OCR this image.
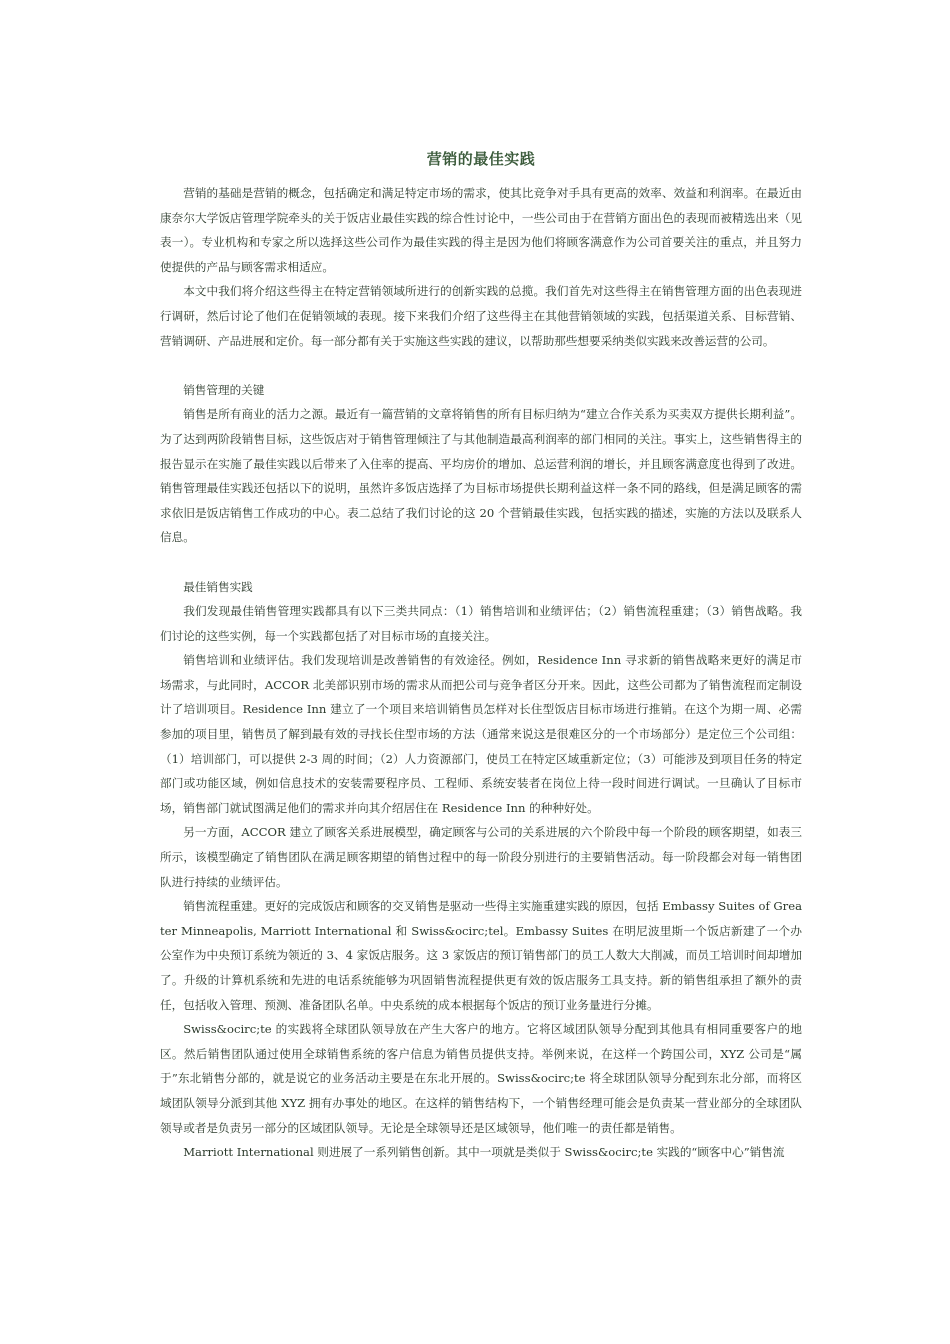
营销的最佳实践

营销的基础是营销的概念，包括确定和满足特定市场的需求，使其比竞争对手具有更高的效率、效益和利润率。在最近由康奈尔大学饭店管理学院牵头的关于饭店业最佳实践的综合性讨论中，一些公司由于在营销方面出色的表现而被精选出来（见表一）。专业机构和专家之所以选择这些公司作为最佳实践的得主是因为他们将顾客满意作为公司首要关注的重点，并且努力使提供的产品与顾客需求相适应。

本文中我们将介绍这些得主在特定营销领域所进行的创新实践的总揽。我们首先对这些得主在销售管理方面的出色表现进行调研，然后讨论了他们在促销领域的表现。接下来我们介绍了这些得主在其他营销领域的实践，包括渠道关系、目标营销、营销调研、产品进展和定价。每一部分都有关于实施这些实践的建议，以帮助那些想要采纳类似实践来改善运营的公司。

销售管理的关键

销售是所有商业的活力之源。最近有一篇营销的文章将销售的所有目标归纳为“建立合作关系为买卖双方提供长期利益”。为了达到两阶段销售目标，这些饭店对于销售管理倾注了与其他制造最高利润率的部门相同的关注。事实上，这些销售得主的报告显示在实施了最佳实践以后带来了入住率的提高、平均房价的增加、总运营利润的增长，并且顾客满意度也得到了改进。销售管理最佳实践还包括以下的说明，虽然许多饭店选择了为目标市场提供长期利益这样一条不同的路线，但是满足顾客的需求依旧是饭店销售工作成功的中心。表二总结了我们讨论的这 20 个营销最佳实践，包括实践的描述，实施的方法以及联系人信息。

最佳销售实践

我们发现最佳销售管理实践都具有以下三类共同点：（1）销售培训和业绩评估；（2）销售流程重建；（3）销售战略。我们讨论的这些实例，每一个实践都包括了对目标市场的直接关注。

销售培训和业绩评估。我们发现培训是改善销售的有效途径。例如，Residence Inn 寻求新的销售战略来更好的满足市场需求，与此同时，ACCOR 北美部识别市场的需求从而把公司与竞争者区分开来。因此，这些公司都为了销售流程而定制设计了培训项目。Residence Inn 建立了一个项目来培训销售员怎样对长住型饭店目标市场进行推销。在这个为期一周、必需参加的项目里，销售员了解到最有效的寻找长住型市场的方法（通常来说这是很难区分的一个市场部分）是定位三个公司组：（1）培训部门，可以提供 2-3 周的时间；（2）人力资源部门，使员工在特定区域重新定位；（3）可能涉及到项目任务的特定部门或功能区域，例如信息技术的安装需要程序员、工程师、系统安装者在岗位上待一段时间进行调试。一旦确认了目标市场，销售部门就试图满足他们的需求并向其介绍居住在 Residence Inn 的种种好处。

另一方面，ACCOR 建立了顾客关系进展模型，确定顾客与公司的关系进展的六个阶段中每一个阶段的顾客期望，如表三所示，该模型确定了销售团队在满足顾客期望的销售过程中的每一阶段分别进行的主要销售活动。每一阶段都会对每一销售团队进行持续的业绩评估。

销售流程重建。更好的完成饭店和顾客的交叉销售是驱动一些得主实施重建实践的原因，包括 Embassy Suites of Greater Minneapolis, Marriott International 和 Swiss&ocirc;tel。Embassy Suites 在明尼波里斯一个饭店新建了一个办公室作为中央预订系统为领近的 3、4 家饭店服务。这 3 家饭店的预订销售部门的员工人数大大削减，而员工培训时间却增加了。升级的计算机系统和先进的电话系统能够为巩固销售流程提供更有效的饭店服务工具支持。新的销售组承担了额外的责任，包括收入管理、预测、准备团队名单。中央系统的成本根据每个饭店的预订业务量进行分摊。

Swiss&ocirc;te 的实践将全球团队领导放在产生大客户的地方。它将区域团队领导分配到其他具有相同重要客户的地区。然后销售团队通过使用全球销售系统的客户信息为销售员提供支持。举例来说，在这样一个跨国公司，XYZ 公司是“属于”东北销售分部的，就是说它的业务活动主要是在东北开展的。Swiss&ocirc;te 将全球团队领导分配到东北分部，而将区域团队领导分派到其他 XYZ 拥有办事处的地区。在这样的销售结构下，一个销售经理可能会是负责某一营业部分的全球团队领导或者是负责另一部分的区域团队领导。无论是全球领导还是区域领导，他们唯一的责任都是销售。

Marriott International 则进展了一系列销售创新。其中一项就是类似于 Swiss&ocirc;te 实践的“顾客中心”销售流
